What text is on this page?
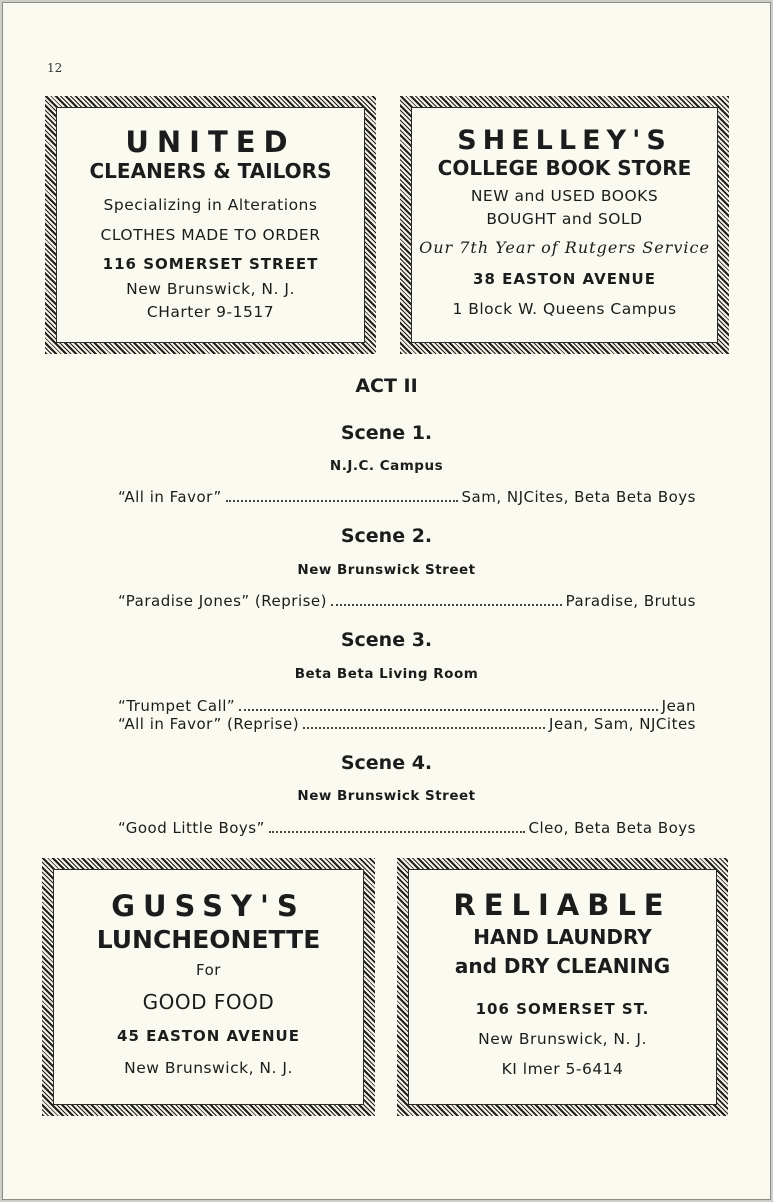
12
UNITED
CLEANERS & TAILORS
Specializing in Alterations
CLOTHES MADE TO ORDER
116 SOMERSET STREET
New Brunswick, N. J.
CHarter 9-1517
SHELLEY'S
COLLEGE BOOK STORE
NEW and USED BOOKS
BOUGHT and SOLD
Our 7th Year of Rutgers Service
38 EASTON AVENUE
1 Block W. Queens Campus
ACT II
Scene 1.
N.J.C. Campus
“All in Favor”	Sam, NJCites, Beta Beta Boys
Scene 2.
New Brunswick Street
“Paradise Jones” (Reprise)	Paradise, Brutus
Scene 3.
Beta Beta Living Room
“Trumpet Call”	Jean
“All in Favor” (Reprise)	Jean, Sam, NJCites
Scene 4.
New Brunswick Street
“Good Little Boys”	Cleo, Beta Beta Boys
GUSSY'S
LUNCHEONETTE
For
GOOD FOOD
45 EASTON AVENUE
New Brunswick, N. J.
RELIABLE
HAND LAUNDRY
and DRY CLEANING
106 SOMERSET ST.
New Brunswick, N. J.
KI lmer 5-6414
